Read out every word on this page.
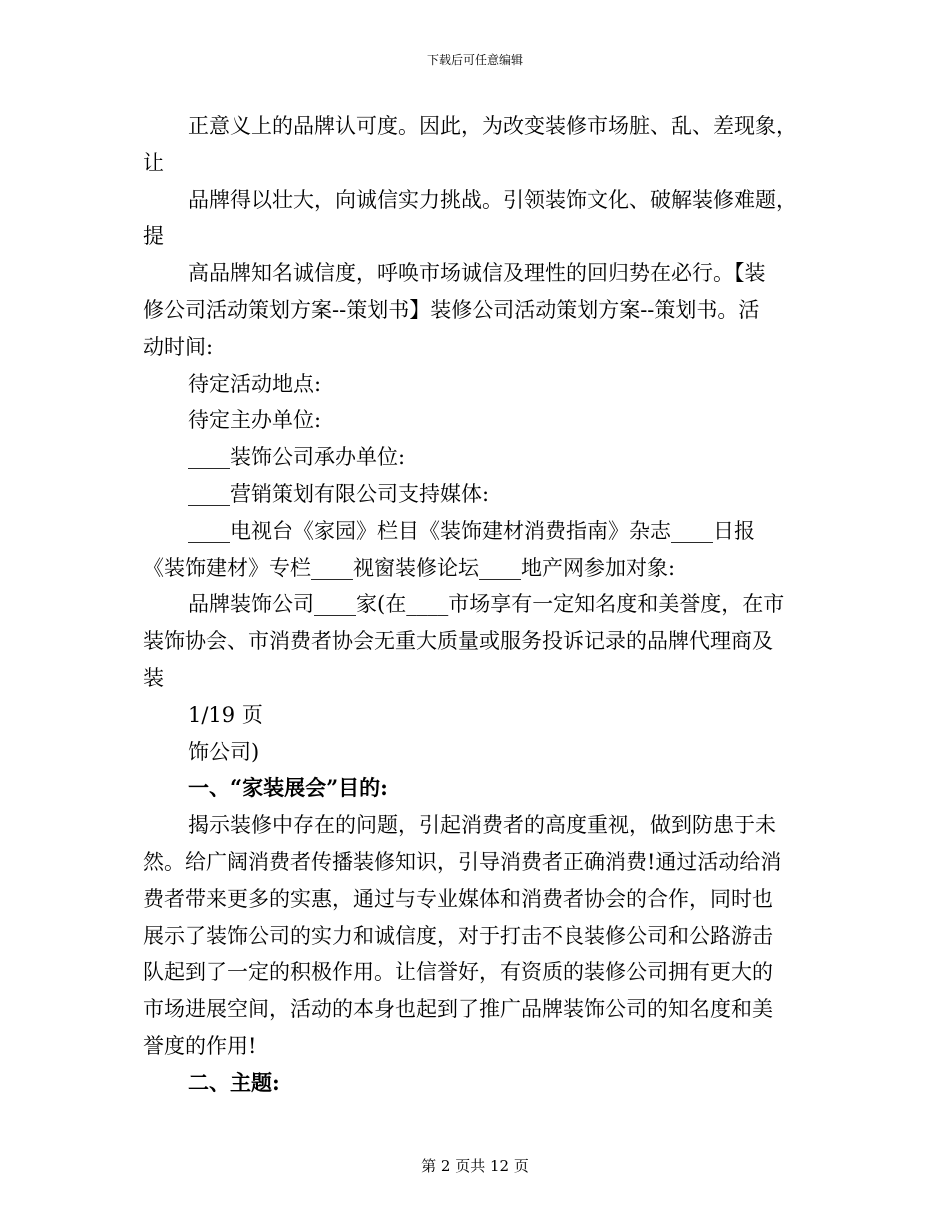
下载后可任意编辑
正意义上的品牌认可度。因此，为改变装修市场脏、乱、差现象，
让
品牌得以壮大，向诚信实力挑战。引领装饰文化、破解装修难题，
提
高品牌知名诚信度，呼唤市场诚信及理性的回归势在必行。【装
修公司活动策划方案--策划书】装修公司活动策划方案--策划书。活
动时间:
待定活动地点:
待定主办单位:
____装饰公司承办单位:
____营销策划有限公司支持媒体:
____电视台《家园》栏目《装饰建材消费指南》杂志____日报
《装饰建材》专栏____视窗装修论坛____地产网参加对象:
品牌装饰公司____家(在____市场享有一定知名度和美誉度，在市
装饰协会、市消费者协会无重大质量或服务投诉记录的品牌代理商及
装
1/19 页
饰公司)
一、“家装展会”目的:
揭示装修中存在的问题，引起消费者的高度重视，做到防患于未
然。给广阔消费者传播装修知识，引导消费者正确消费!通过活动给消
费者带来更多的实惠，通过与专业媒体和消费者协会的合作，同时也
展示了装饰公司的实力和诚信度，对于打击不良装修公司和公路游击
队起到了一定的积极作用。让信誉好，有资质的装修公司拥有更大的
市场进展空间，活动的本身也起到了推广品牌装饰公司的知名度和美
誉度的作用!
二、主题:
第 2 页共 12 页
